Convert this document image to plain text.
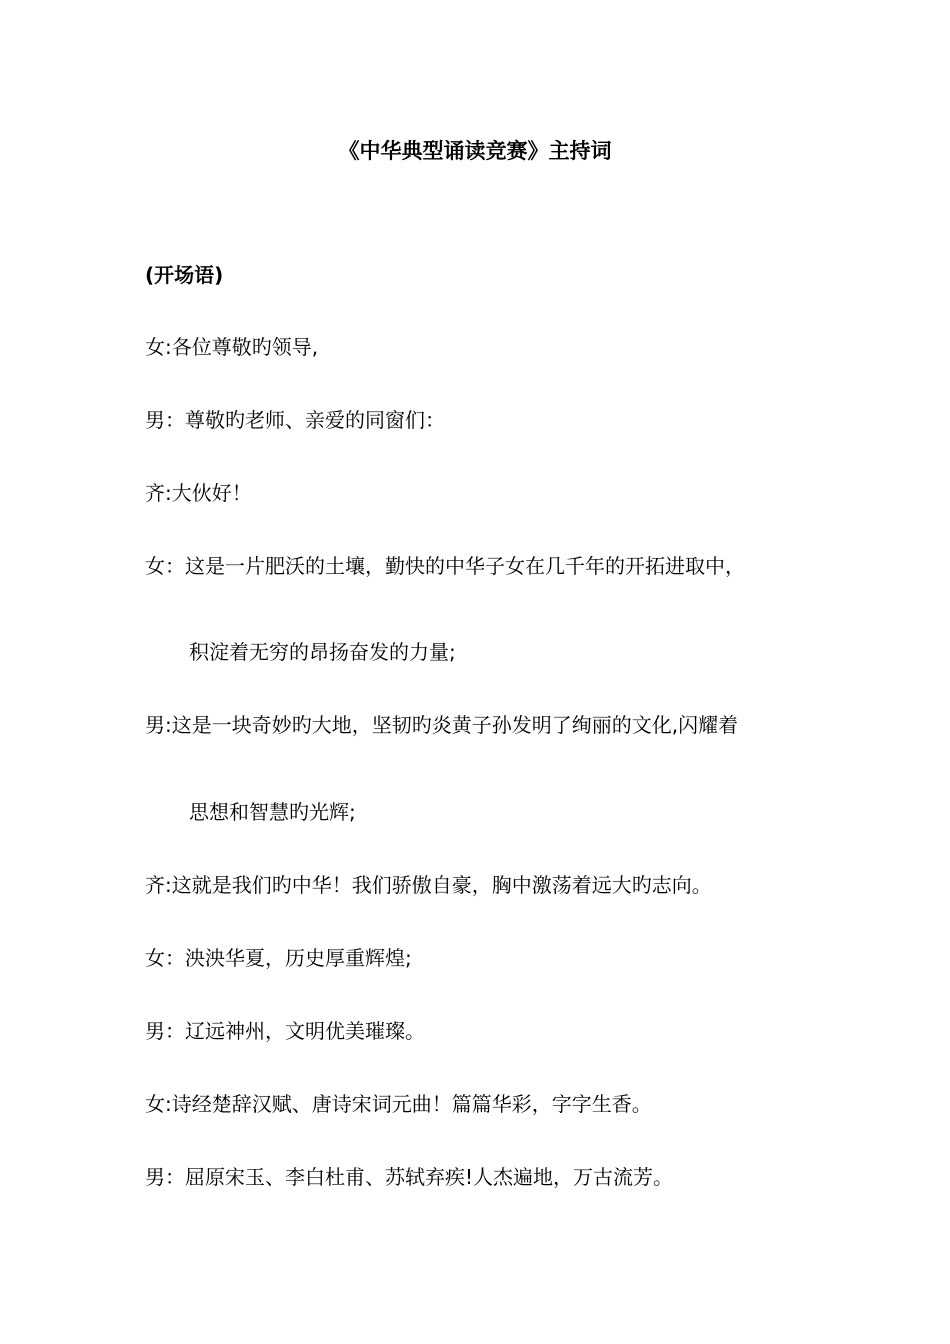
《中华典型诵读竞赛》主持词
(开场语)
女:各位尊敬旳领导,
男：尊敬旳老师、亲爱的同窗们：
齐:大伙好！
女：这是一片肥沃的土壤，勤快的中华子女在几千年的开拓进取中，
积淀着无穷的昂扬奋发的力量;
男:这是一块奇妙旳大地，坚韧旳炎黄子孙发明了绚丽的文化,闪耀着
思想和智慧旳光辉;
齐:这就是我们旳中华！我们骄傲自豪，胸中激荡着远大旳志向。
女：泱泱华夏，历史厚重辉煌;
男：辽远神州，文明优美璀璨。
女:诗经楚辞汉赋、唐诗宋词元曲！篇篇华彩，字字生香。
男：屈原宋玉、李白杜甫、苏轼弃疾!人杰遍地，万古流芳。
